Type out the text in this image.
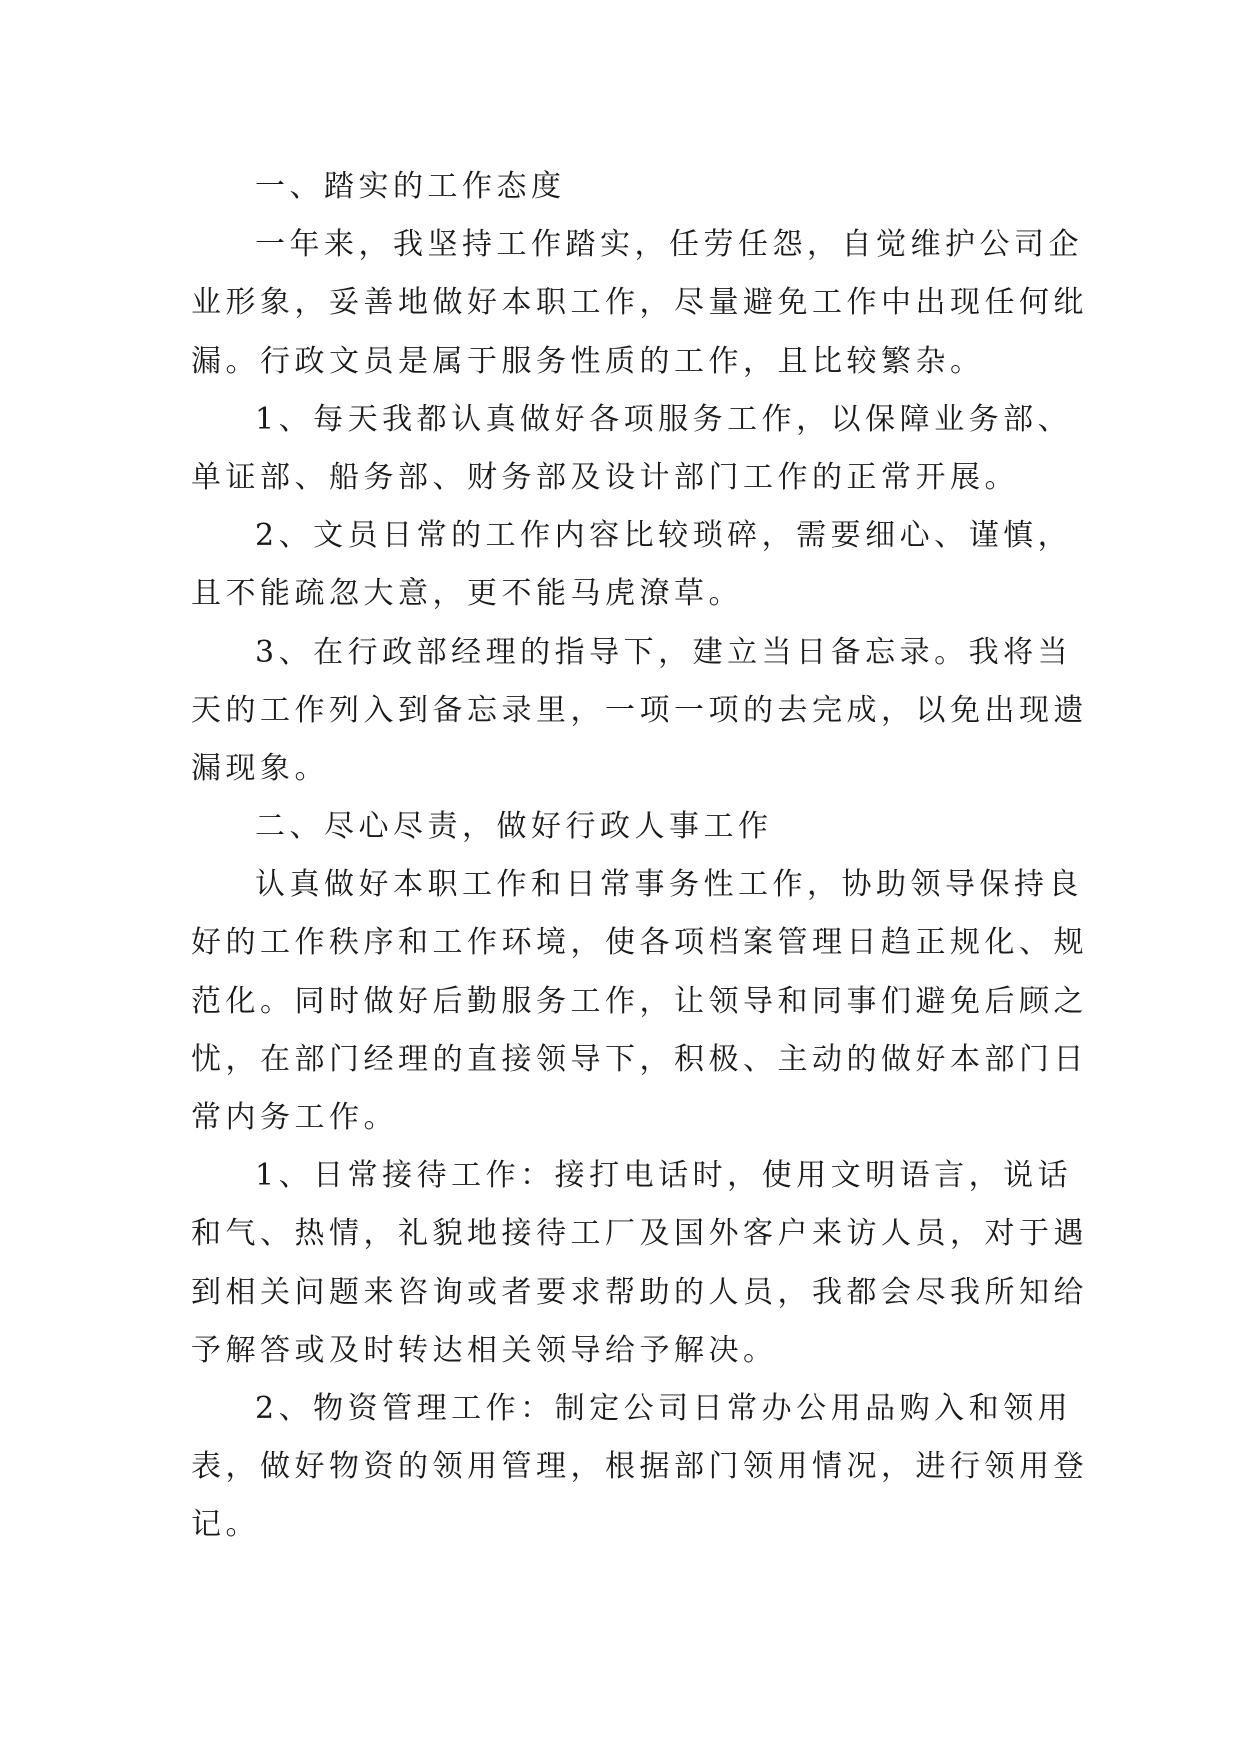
一、踏实的工作态度
一年来，我坚持工作踏实，任劳任怨，自觉维护公司企
业形象，妥善地做好本职工作，尽量避免工作中出现任何纰
漏。行政文员是属于服务性质的工作，且比较繁杂。
1、每天我都认真做好各项服务工作，以保障业务部、
单证部、船务部、财务部及设计部门工作的正常开展。
2、文员日常的工作内容比较琐碎，需要细心、谨慎，
且不能疏忽大意，更不能马虎潦草。
3、在行政部经理的指导下，建立当日备忘录。我将当
天的工作列入到备忘录里，一项一项的去完成，以免出现遗
漏现象。
二、尽心尽责，做好行政人事工作
认真做好本职工作和日常事务性工作，协助领导保持良
好的工作秩序和工作环境，使各项档案管理日趋正规化、规
范化。同时做好后勤服务工作，让领导和同事们避免后顾之
忧，在部门经理的直接领导下，积极、主动的做好本部门日
常内务工作。
1、日常接待工作：接打电话时，使用文明语言，说话
和气、热情，礼貌地接待工厂及国外客户来访人员，对于遇
到相关问题来咨询或者要求帮助的人员，我都会尽我所知给
予解答或及时转达相关领导给予解决。
2、物资管理工作：制定公司日常办公用品购入和领用
表，做好物资的领用管理，根据部门领用情况，进行领用登
记。
